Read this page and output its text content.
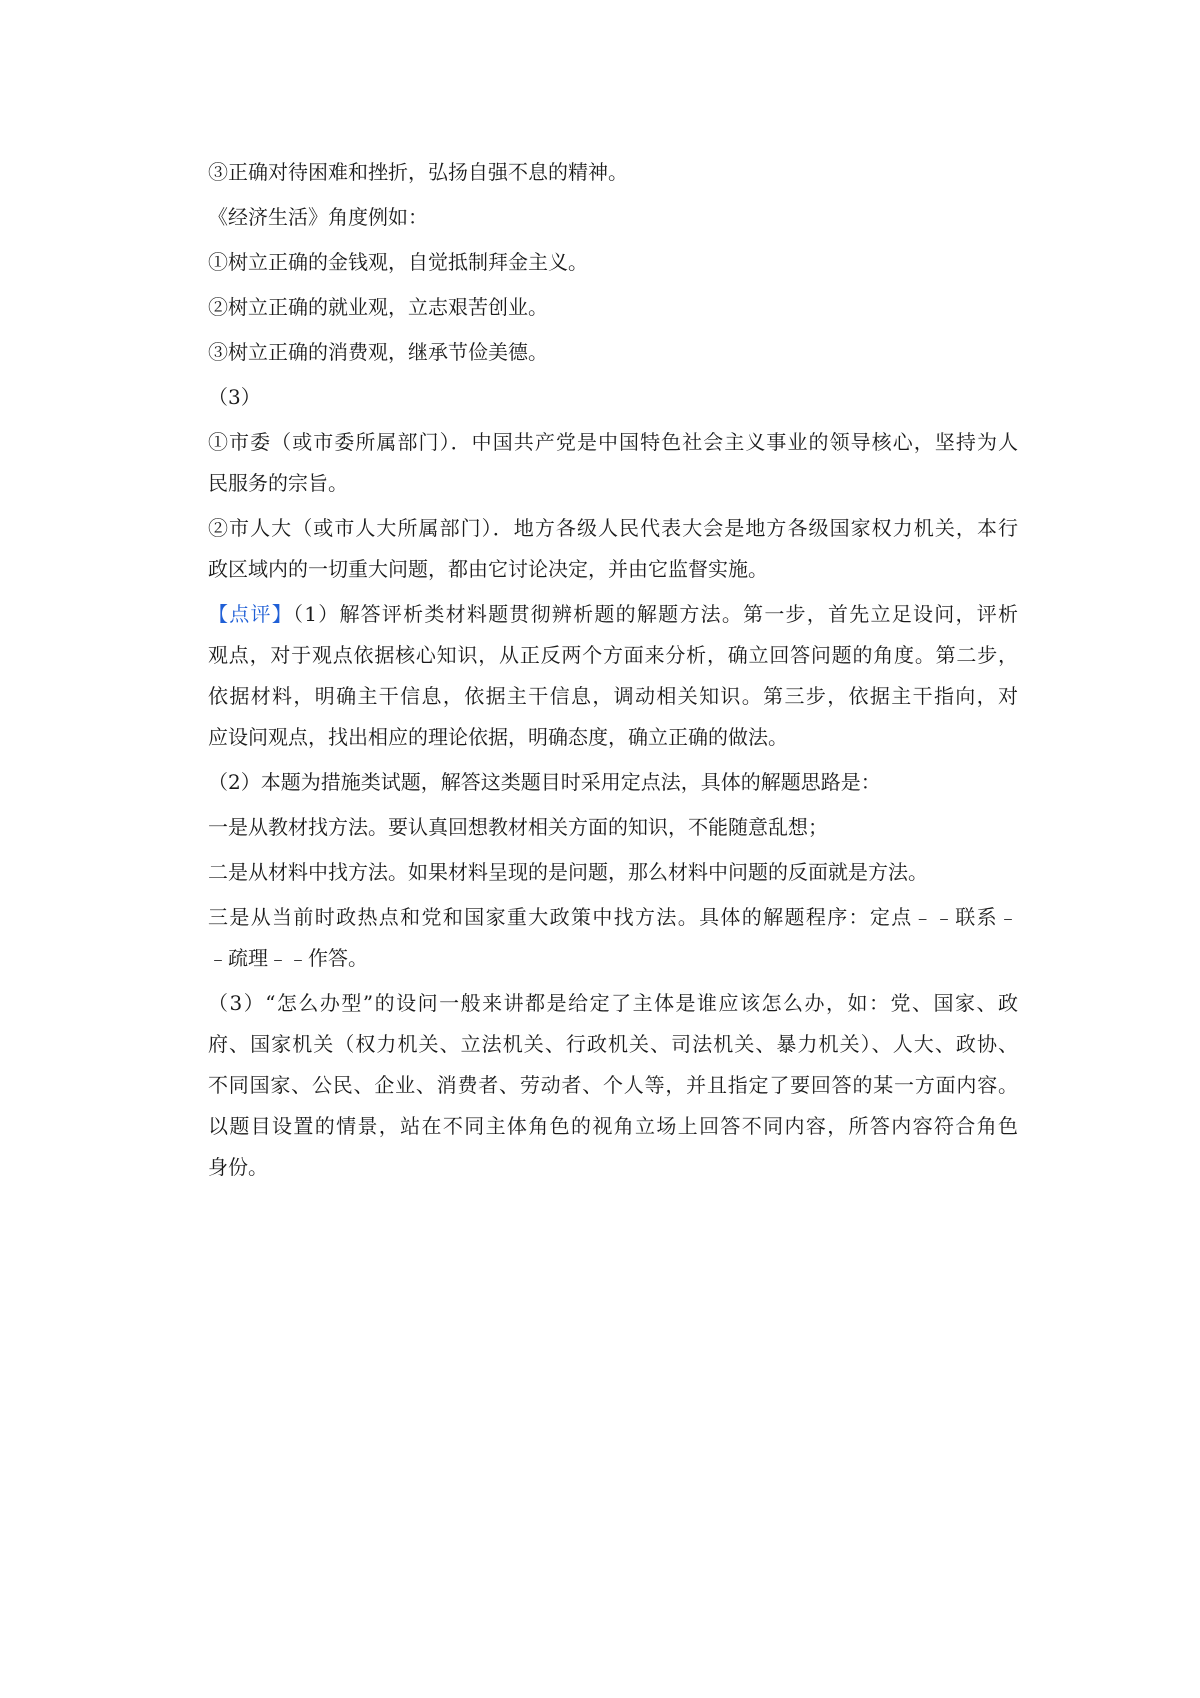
③正确对待困难和挫折，弘扬自强不息的精神。
《经济生活》角度例如：
①树立正确的金钱观，自觉抵制拜金主义。
②树立正确的就业观，立志艰苦创业。
③树立正确的消费观，继承节俭美德。
（3）
①市委（或市委所属部门）．中国共产党是中国特色社会主义事业的领导核心，坚持为人
民服务的宗旨。
②市人大（或市人大所属部门）．地方各级人民代表大会是地方各级国家权力机关，本行
政区域内的一切重大问题，都由它讨论决定，并由它监督实施。
【点评】（1）解答评析类材料题贯彻辨析题的解题方法。第一步，首先立足设问，评析
观点，对于观点依据核心知识，从正反两个方面来分析，确立回答问题的角度。第二步，
依据材料，明确主干信息，依据主干信息，调动相关知识。第三步，依据主干指向，对
应设问观点，找出相应的理论依据，明确态度，确立正确的做法。
（2）本题为措施类试题，解答这类题目时采用定点法，具体的解题思路是：
一是从教材找方法。要认真回想教材相关方面的知识，不能随意乱想；
二是从材料中找方法。如果材料呈现的是问题，那么材料中问题的反面就是方法。
三是从当前时政热点和党和国家重大政策中找方法。具体的解题程序：定点﹣﹣联系﹣
﹣疏理﹣﹣作答。
（3）“怎么办型”的设问一般来讲都是给定了主体是谁应该怎么办，如：党、国家、政
府、国家机关（权力机关、立法机关、行政机关、司法机关、暴力机关）、人大、政协、
不同国家、公民、企业、消费者、劳动者、个人等，并且指定了要回答的某一方面内容。
以题目设置的情景，站在不同主体角色的视角立场上回答不同内容，所答内容符合角色
身份。
